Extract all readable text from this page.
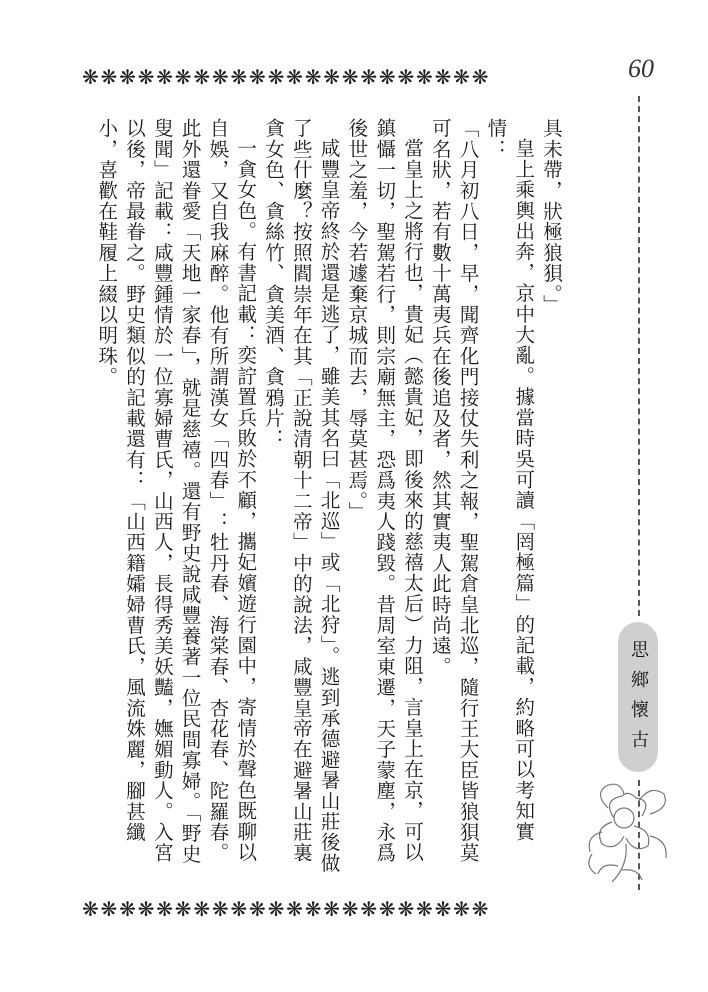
60
❋❋❋❋❋❋❋❋❋❋❋❋❋❋❋❋❋❋❋❋❋❋
❋❋❋❋❋❋❋❋❋❋❋❋❋❋❋❋❋❋❋❋❋❋
思鄉懷古

具未帶，狀極狼狽。」

皇上乘輿出奔，京中大亂。據當時吳可讀「罔極篇」的記載，約略可以考知實情：

「八月初八日，早，聞齊化門接仗失利之報，聖駕倉皇北巡，隨行王大臣皆狼狽莫可名狀，若有數十萬夷兵在後追及者，然其實夷人此時尚遠。

當皇上之將行也，貴妃（懿貴妃，即後來的慈禧太后）力阻，言皇上在京，可以鎮懾一切，聖駕若行，則宗廟無主，恐爲夷人踐毀。昔周室東遷，天子蒙塵，永爲後世之羞，今若遽棄京城而去，辱莫甚焉。」

咸豐皇帝終於還是逃了，雖美其名曰「北巡」或「北狩」。逃到承德避暑山莊後做了些什麼？按照閻崇年在其「正說清朝十二帝」中的說法，咸豐皇帝在避暑山莊裏貪女色、貪絲竹、貪美酒、貪鴉片：

一貪女色。有書記載：奕詝置兵敗於不顧，攜妃嬪遊行園中，寄情於聲色既聊以自娛，又自我麻醉。他有所謂漢女「四春」：牡丹春、海棠春、杏花春、陀羅春。此外還眷愛「天地一家春」，就是慈禧。還有野史說咸豐養著一位民間寡婦。「野史叟聞」記載：咸豐鍾情於一位寡婦曹氏，山西人，長得秀美妖豔，嫵媚動人。入宮以後，帝最眷之。野史類似的記載還有：「山西籍孀婦曹氏，風流姝麗，腳甚纖小，喜歡在鞋履上綴以明珠。
